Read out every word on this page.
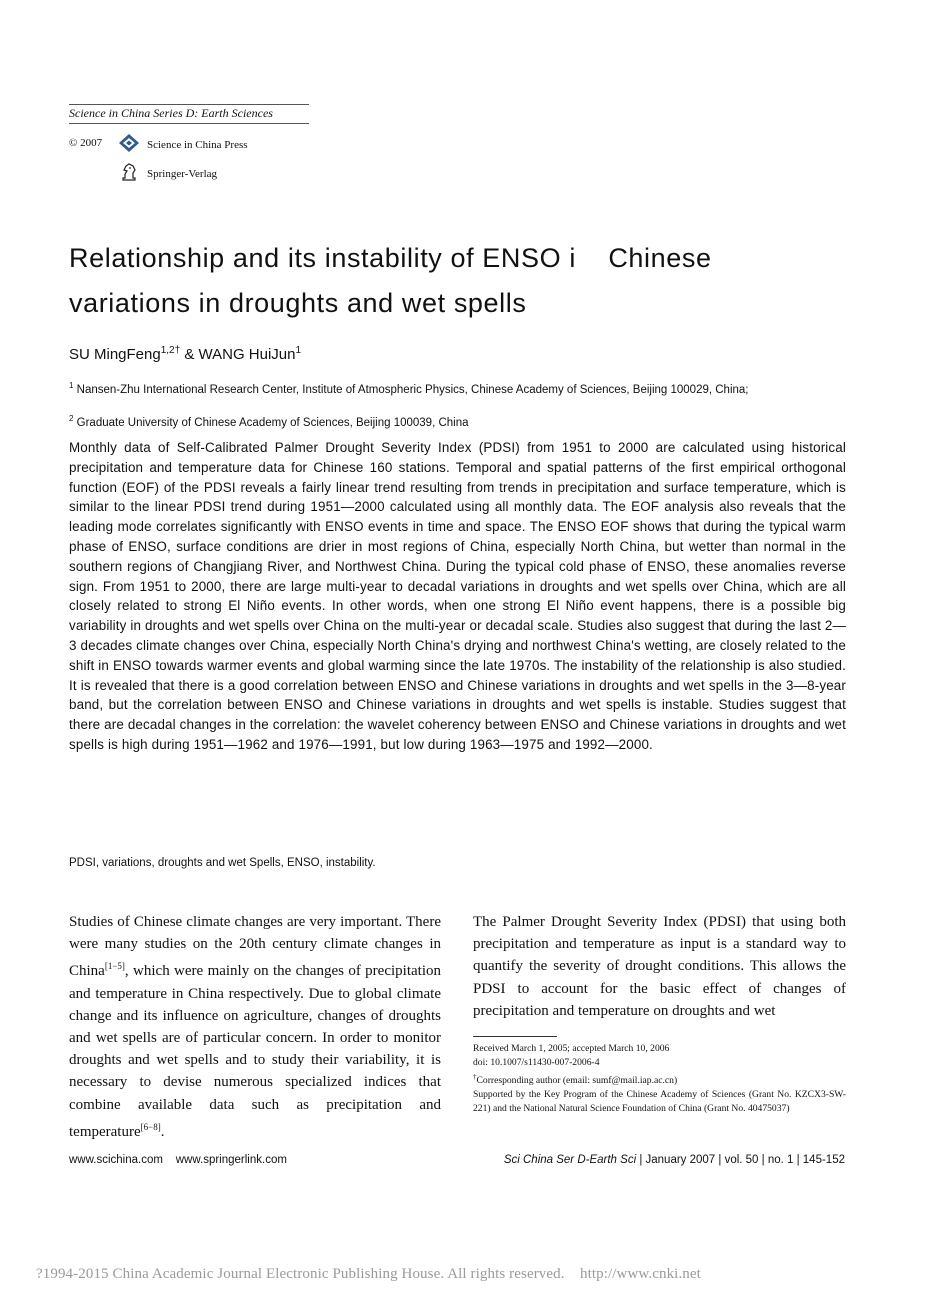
Science in China Series D: Earth Sciences
© 2007	Science in China Press
Springer-Verlag
Relationship and its instability of ENSO i    Chinese
variations in droughts and wet spells
SU MingFeng$^{1,2\dagger}$ & WANG HuiJun$^1$
$^1$ Nansen-Zhu International Research Center, Institute of Atmospheric Physics, Chinese Academy of Sciences, Beijing 100029, China;
$^2$ Graduate University of Chinese Academy of Sciences, Beijing 100039, China

Monthly data of Self-Calibrated Palmer Drought Severity Index (PDSI) from 1951 to 2000 are calculated using historical precipitation and temperature data for Chinese 160 stations. Temporal and spatial patterns of the first empirical orthogonal function (EOF) of the PDSI reveals a fairly linear trend resulting from trends in precipitation and surface temperature, which is similar to the linear PDSI trend during 1951—2000 calculated using all monthly data. The EOF analysis also reveals that the leading mode correlates significantly with ENSO events in time and space. The ENSO EOF shows that during the typical warm phase of ENSO, surface conditions are drier in most regions of China, especially North China, but wetter than normal in the southern regions of Changjiang River, and Northwest China. During the typical cold phase of ENSO, these anomalies reverse sign. From 1951 to 2000, there are large multi-year to decadal variations in droughts and wet spells over China, which are all closely related to strong El Niño events. In other words, when one strong El Niño event happens, there is a possible big variability in droughts and wet spells over China on the multi-year or decadal scale. Studies also suggest that during the last 2—3 decades climate changes over China, especially North China's drying and northwest China's wetting, are closely related to the shift in ENSO towards warmer events and global warming since the late 1970s. The instability of the relationship is also studied. It is revealed that there is a good correlation between ENSO and Chinese variations in droughts and wet spells in the 3—8-year band, but the correlation between ENSO and Chinese variations in droughts and wet spells is instable. Studies suggest that there are decadal changes in the correlation: the wavelet coherency between ENSO and Chinese variations in droughts and wet spells is high during 1951—1962 and 1976—1991, but low during 1963—1975 and 1992—2000.

PDSI, variations, droughts and wet Spells, ENSO, instability.

Studies of Chinese climate changes are very important. There were many studies on the 20th century climate changes in China[1−5], which were mainly on the changes of precipitation and temperature in China respectively. Due to global climate change and its influence on agriculture, changes of droughts and wet spells are of particular concern. In order to monitor droughts and wet spells and to study their variability, it is necessary to devise numerous specialized indices that combine available data such as precipitation and temperature[6−8].

The Palmer Drought Severity Index (PDSI) that using both precipitation and temperature as input is a standard way to quantify the severity of drought conditions. This allows the PDSI to account for the basic effect of changes of precipitation and temperature on droughts and wet

Received March 1, 2005; accepted March 10, 2006
doi: 10.1007/s11430-007-2006-4
†Corresponding author (email: sumf@mail.iap.ac.cn)
Supported by the Key Program of the Chinese Academy of Sciences (Grant No. KZCX3-SW-221) and the National Natural Science Foundation of China (Grant No. 40475037)
www.scichina.com www.springerlink.com	Sci China Ser D-Earth Sci | January 2007 | vol. 50 | no. 1 | 145-152
?1994-2015 China Academic Journal Electronic Publishing House. All rights reserved.    http://www.cnki.net
